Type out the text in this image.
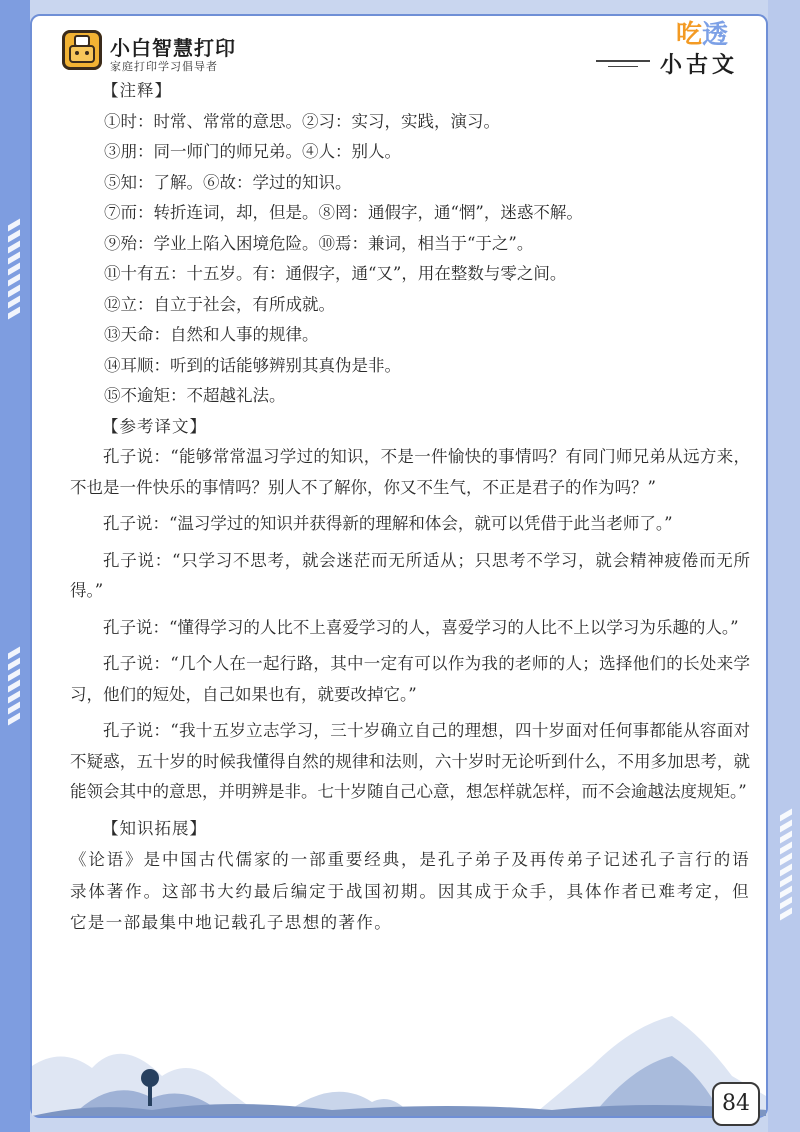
小白智慧打印
家庭打印学习倡导者
吃透
小古文
【注释】
①时：时常、常常的意思。②习：实习，实践，演习。
③朋：同一师门的师兄弟。④人：别人。
⑤知：了解。⑥故：学过的知识。
⑦而：转折连词，却，但是。⑧罔：通假字，通“惘”，迷惑不解。
⑨殆：学业上陷入困境危险。⑩焉：兼词，相当于“于之”。
⑪十有五：十五岁。有：通假字，通“又”，用在整数与零之间。
⑫立：自立于社会，有所成就。
⑬天命：自然和人事的规律。
⑭耳顺：听到的话能够辨别其真伪是非。
⑮不逾矩：不超越礼法。
【参考译文】
孔子说：“能够常常温习学过的知识，不是一件愉快的事情吗？有同门师兄弟从远方来，不也是一件快乐的事情吗？别人不了解你，你又不生气，不正是君子的作为吗？”
孔子说：“温习学过的知识并获得新的理解和体会，就可以凭借于此当老师了。”
孔子说：“只学习不思考，就会迷茫而无所适从；只思考不学习，就会精神疲倦而无所得。”
孔子说：“懂得学习的人比不上喜爱学习的人，喜爱学习的人比不上以学习为乐趣的人。”
孔子说：“几个人在一起行路，其中一定有可以作为我的老师的人；选择他们的长处来学习，他们的短处，自己如果也有，就要改掉它。”
孔子说：“我十五岁立志学习，三十岁确立自己的理想，四十岁面对任何事都能从容面对不疑惑，五十岁的时候我懂得自然的规律和法则，六十岁时无论听到什么，不用多加思考，就能领会其中的意思，并明辨是非。七十岁随自己心意，想怎样就怎样，而不会逾越法度规矩。”
【知识拓展】
《论语》是中国古代儒家的一部重要经典，是孔子弟子及再传弟子记述孔子言行的语录体著作。这部书大约最后编定于战国初期。因其成于众手，具体作者已难考定，但它是一部最集中地记载孔子思想的著作。
84
